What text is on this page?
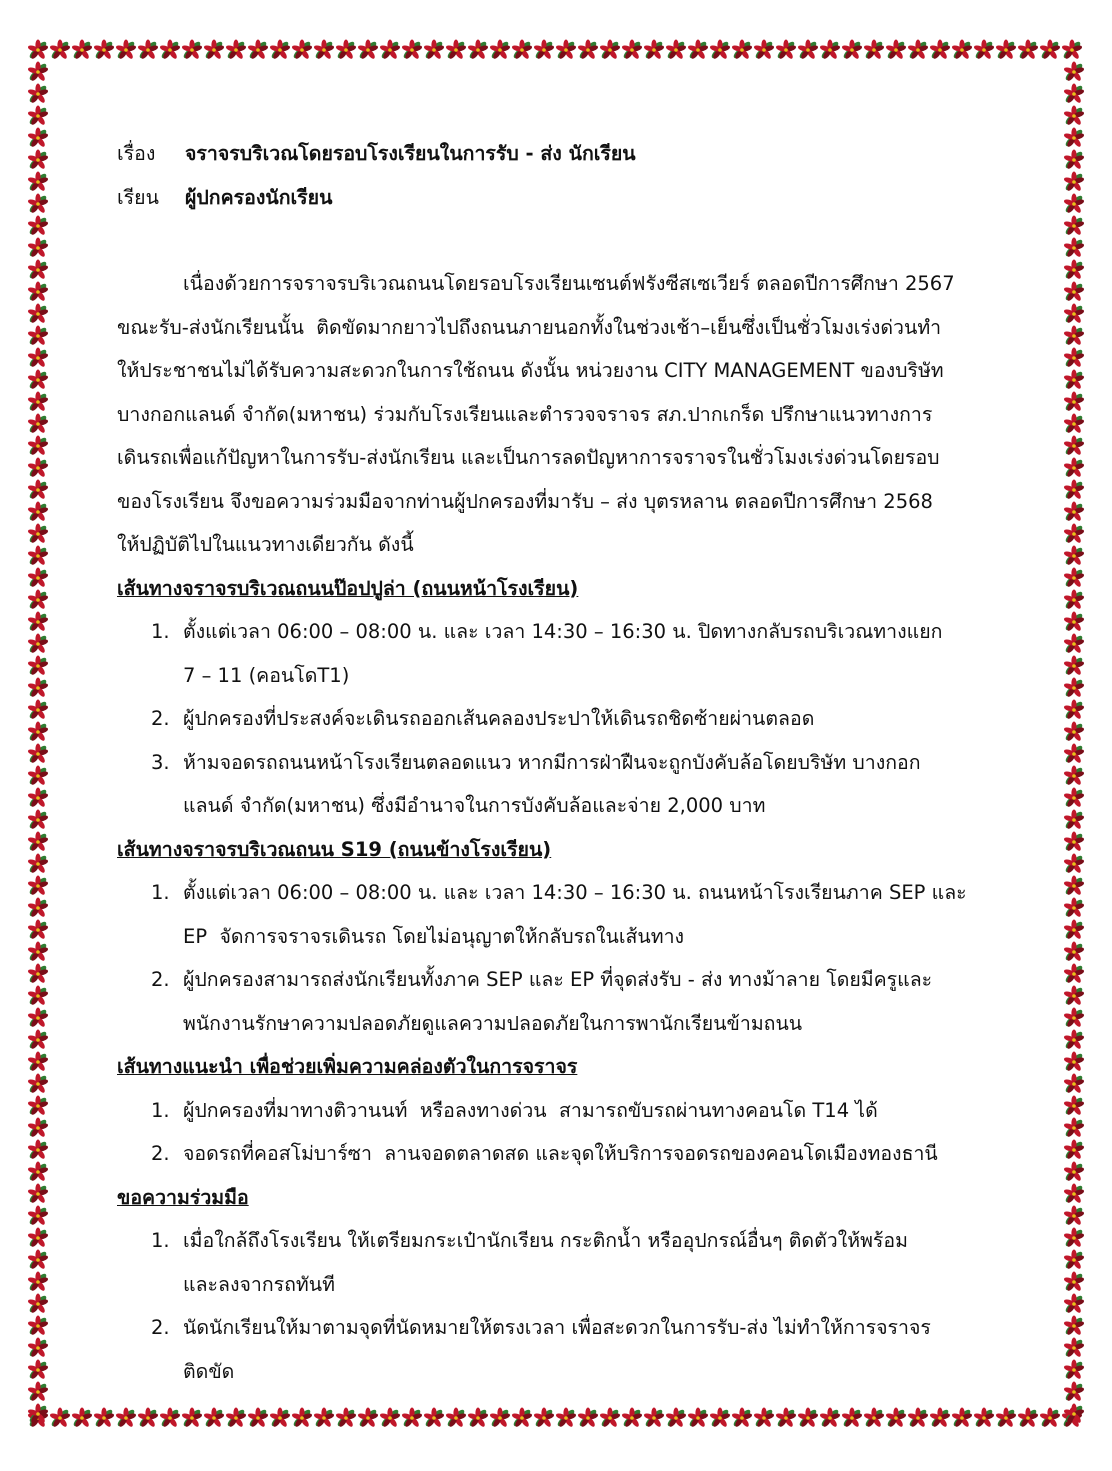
เรื่อง	จราจรบริเวณโดยรอบโรงเรียนในการรับ - ส่ง นักเรียน
เรียน	ผู้ปกครองนักเรียน
เนื่องด้วยการจราจรบริเวณถนนโดยรอบโรงเรียนเซนต์ฟรังซีสเซเวียร์ ตลอดปีการศึกษา 2567
ขณะรับ-ส่งนักเรียนนั้น  ติดขัดมากยาวไปถึงถนนภายนอกทั้งในช่วงเช้า–เย็นซึ่งเป็นชั่วโมงเร่งด่วนทำ
ให้ประชาชนไม่ได้รับความสะดวกในการใช้ถนน ดังนั้น หน่วยงาน CITY MANAGEMENT ของบริษัท
บางกอกแลนด์ จำกัด(มหาชน) ร่วมกับโรงเรียนและตำรวจจราจร สภ.ปากเกร็ด ปรึกษาแนวทางการ
เดินรถเพื่อแก้ปัญหาในการรับ-ส่งนักเรียน และเป็นการลดปัญหาการจราจรในชั่วโมงเร่งด่วนโดยรอบ
ของโรงเรียน จึงขอความร่วมมือจากท่านผู้ปกครองที่มารับ – ส่ง บุตรหลาน ตลอดปีการศึกษา 2568
ให้ปฏิบัติไปในแนวทางเดียวกัน ดังนี้
เส้นทางจราจรบริเวณถนนป๊อปปูล่า (ถนนหน้าโรงเรียน)
1. ตั้งแต่เวลา 06:00 – 08:00 น. และ เวลา 14:30 – 16:30 น. ปิดทางกลับรถบริเวณทางแยก
7 – 11 (คอนโดT1)
2. ผู้ปกครองที่ประสงค์จะเดินรถออกเส้นคลองประปาให้เดินรถชิดซ้ายผ่านตลอด
3. ห้ามจอดรถถนนหน้าโรงเรียนตลอดแนว หากมีการฝ่าฝืนจะถูกบังคับล้อโดยบริษัท บางกอก
แลนด์ จำกัด(มหาชน) ซึ่งมีอำนาจในการบังคับล้อและจ่าย 2,000 บาท
เส้นทางจราจรบริเวณถนน S19 (ถนนข้างโรงเรียน)
1. ตั้งแต่เวลา 06:00 – 08:00 น. และ เวลา 14:30 – 16:30 น. ถนนหน้าโรงเรียนภาค SEP และ
EP  จัดการจราจรเดินรถ โดยไม่อนุญาตให้กลับรถในเส้นทาง
2. ผู้ปกครองสามารถส่งนักเรียนทั้งภาค SEP และ EP ที่จุดส่งรับ - ส่ง ทางม้าลาย โดยมีครูและ
พนักงานรักษาความปลอดภัยดูแลความปลอดภัยในการพานักเรียนข้ามถนน
เส้นทางแนะนำ เพื่อช่วยเพิ่มความคล่องตัวในการจราจร
1. ผู้ปกครองที่มาทางติวานนท์  หรือลงทางด่วน  สามารถขับรถผ่านทางคอนโด T14 ได้
2. จอดรถที่คอสโม่บาร์ซา  ลานจอดตลาดสด และจุดให้บริการจอดรถของคอนโดเมืองทองธานี
ขอความร่วมมือ
1. เมื่อใกล้ถึงโรงเรียน ให้เตรียมกระเป๋านักเรียน กระติกน้ำ หรืออุปกรณ์อื่นๆ ติดตัวให้พร้อม
และลงจากรถทันที
2. นัดนักเรียนให้มาตามจุดที่นัดหมายให้ตรงเวลา เพื่อสะดวกในการรับ-ส่ง ไม่ทำให้การจราจร
ติดขัด
